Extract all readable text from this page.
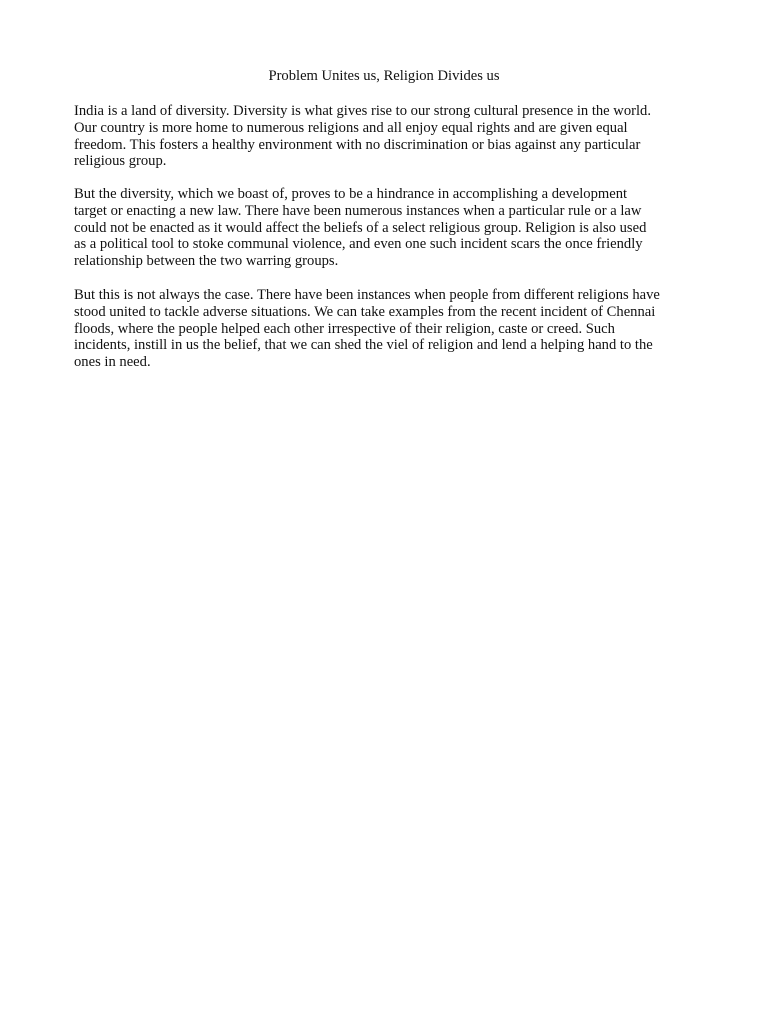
Problem Unites us, Religion Divides us

India is a land of diversity. Diversity is what gives rise to our strong cultural presence in the world.
Our country is more home to numerous religions and all enjoy equal rights and are given equal
freedom. This fosters a healthy environment with no discrimination or bias against any particular
religious group.

But the diversity, which we boast of, proves to be a hindrance in accomplishing a development
target or enacting a new law. There have been numerous instances when a particular rule or a law
could not be enacted as it would affect the beliefs of a select religious group. Religion is also used
as a political tool to stoke communal violence, and even one such incident scars the once friendly
relationship between the two warring groups.

But this is not always the case. There have been instances when people from different religions have
stood united to tackle adverse situations. We can take examples from the recent incident of Chennai
floods, where the people helped each other irrespective of their religion, caste or creed. Such
incidents, instill in us the belief, that we can shed the viel of religion and lend a helping hand to the
ones in need.
